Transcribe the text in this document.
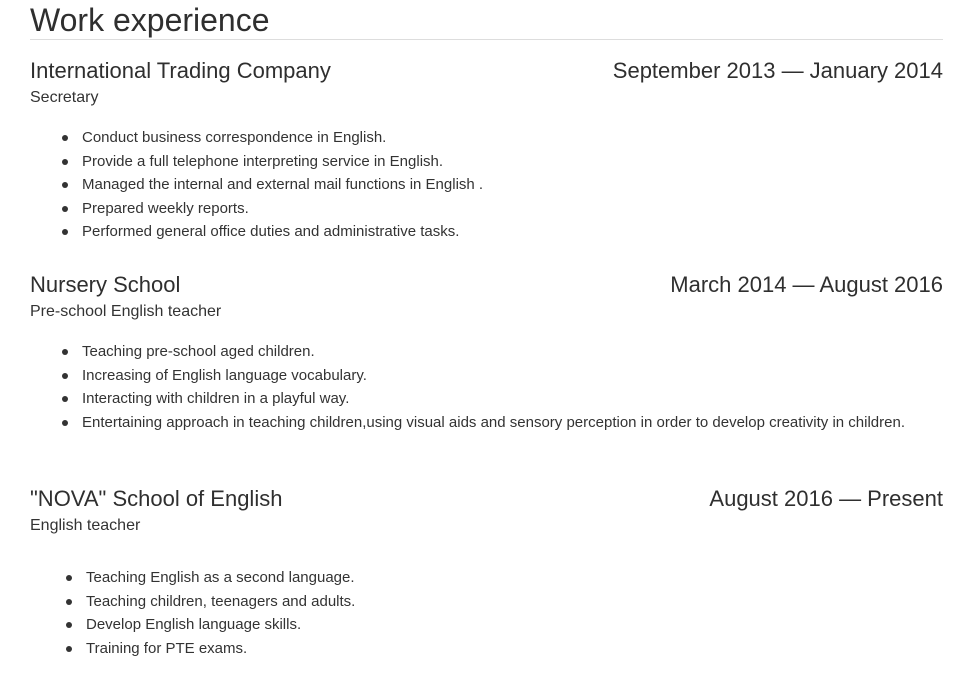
Work experience
International Trading Company	September 2013 — January 2014
Secretary
Conduct business correspondence in English.
Provide a full telephone interpreting service in English.
Managed the internal and external mail functions in English .
Prepared weekly reports.
Performed general office duties and administrative tasks.
Nursery School	March 2014 — August 2016
Pre-school English teacher
Teaching pre-school aged children.
Increasing of English language vocabulary.
Interacting with children in a playful way.
Entertaining approach in teaching children,using visual aids and sensory perception in order to develop creativity in children.
"NOVA" School of English	August 2016 — Present
English teacher
Teaching English as a second language.
Teaching children, teenagers and adults.
Develop English language skills.
Training for PTE exams.
